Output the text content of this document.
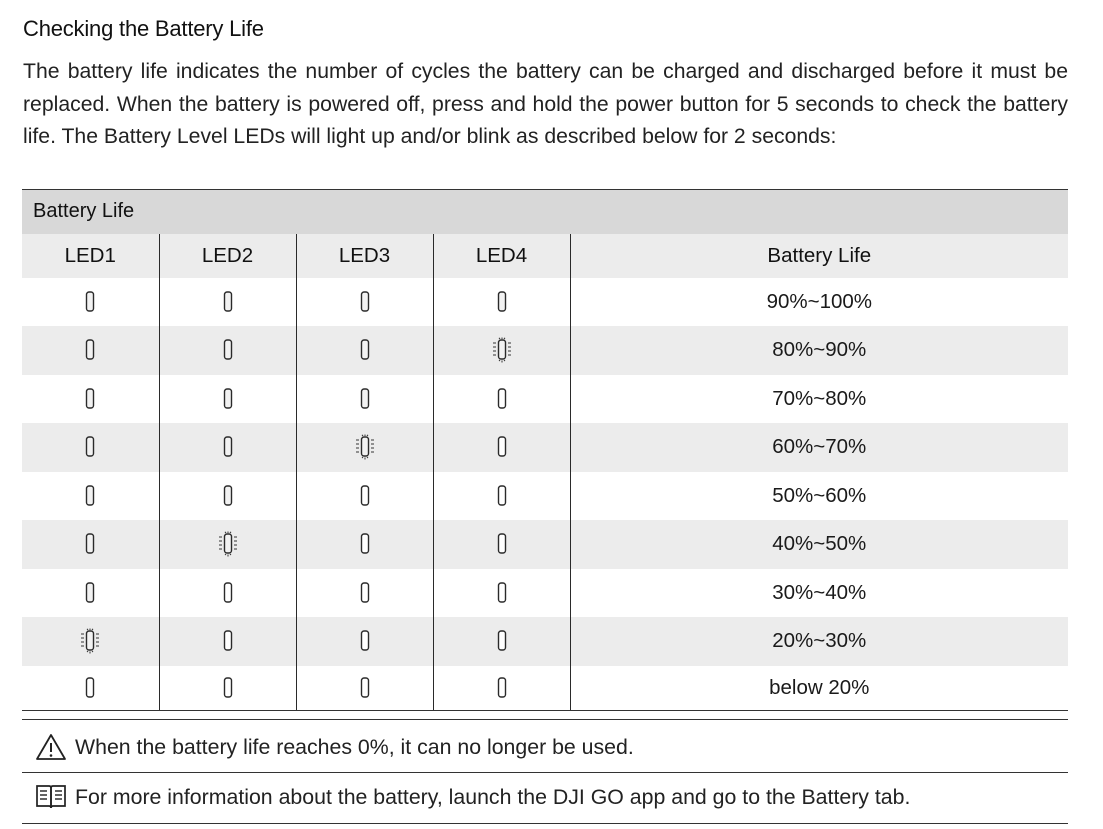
Checking the Battery Life

The battery life indicates the number of cycles the battery can be charged and discharged before it must be replaced. When the battery is powered off, press and hold the power button for 5 seconds to check the battery life. The Battery Level LEDs will light up and/or blink as described below for 2 seconds:

Battery Life				
LED1	LED2	LED3	LED4	Battery Life
				90%~100%
				80%~90%
				70%~80%
				60%~70%
				50%~60%
				40%~50%
				30%~40%
				20%~30%
				below 20%
When the battery life reaches 0%, it can no longer be used.
For more information about the battery, launch the DJI GO app and go to the Battery tab.
